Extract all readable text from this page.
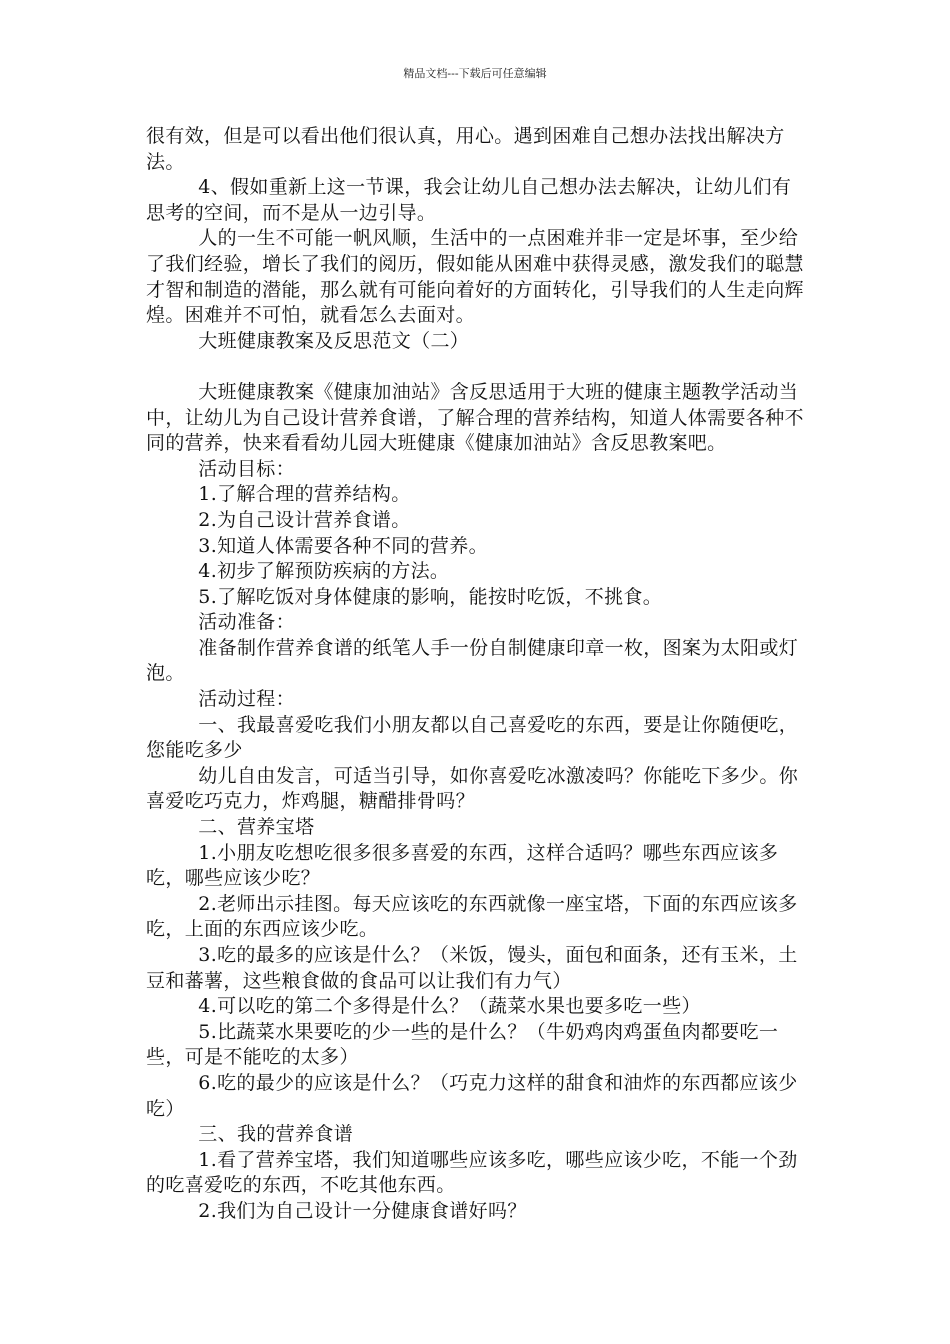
精品文档---下载后可任意编辑

很有效，但是可以看出他们很认真，用心。遇到困难自己想办法找出解决方法。

4、假如重新上这一节课，我会让幼儿自己想办法去解决，让幼儿们有思考的空间，而不是从一边引导。

人的一生不可能一帆风顺，生活中的一点困难并非一定是坏事，至少给了我们经验，增长了我们的阅历，假如能从困难中获得灵感，激发我们的聪慧才智和制造的潜能，那么就有可能向着好的方面转化，引导我们的人生走向辉煌。困难并不可怕，就看怎么去面对。

大班健康教案及反思范文（二）

大班健康教案《健康加油站》含反思适用于大班的健康主题教学活动当中，让幼儿为自己设计营养食谱，了解合理的营养结构，知道人体需要各种不同的营养，快来看看幼儿园大班健康《健康加油站》含反思教案吧。

活动目标：

1.了解合理的营养结构。

2.为自己设计营养食谱。

3.知道人体需要各种不同的营养。

4.初步了解预防疾病的方法。

5.了解吃饭对身体健康的影响，能按时吃饭，不挑食。

活动准备：

准备制作营养食谱的纸笔人手一份自制健康印章一枚，图案为太阳或灯泡。

活动过程：

一、我最喜爱吃我们小朋友都以自己喜爱吃的东西，要是让你随便吃，您能吃多少

幼儿自由发言，可适当引导，如你喜爱吃冰激凌吗？你能吃下多少。你喜爱吃巧克力，炸鸡腿，糖醋排骨吗？

二、营养宝塔

1.小朋友吃想吃很多很多喜爱的东西，这样合适吗？哪些东西应该多吃，哪些应该少吃？

2.老师出示挂图。每天应该吃的东西就像一座宝塔，下面的东西应该多吃，上面的东西应该少吃。

3.吃的最多的应该是什么？（米饭，馒头，面包和面条，还有玉米，土豆和蕃薯，这些粮食做的食品可以让我们有力气）

4.可以吃的第二个多得是什么？（蔬菜水果也要多吃一些）

5.比蔬菜水果要吃的少一些的是什么？（牛奶鸡肉鸡蛋鱼肉都要吃一些，可是不能吃的太多）

6.吃的最少的应该是什么？（巧克力这样的甜食和油炸的东西都应该少吃）

三、我的营养食谱

1.看了营养宝塔，我们知道哪些应该多吃，哪些应该少吃，不能一个劲的吃喜爱吃的东西，不吃其他东西。

2.我们为自己设计一分健康食谱好吗？
